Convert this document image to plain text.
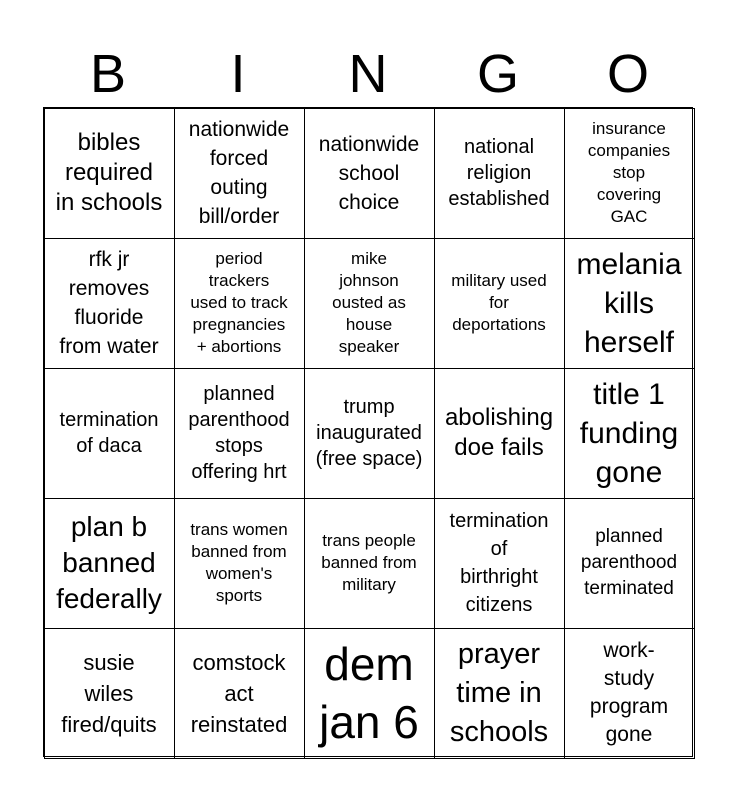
B	I	N	G	O
bibles
required
in schools
nationwide
forced
outing
bill/order
nationwide
school
choice
national
religion
established
insurance
companies
stop
covering
GAC
rfk jr
removes
fluoride
from water
period
trackers
used to track
pregnancies
+ abortions
mike
johnson
ousted as
house
speaker
military used
for
deportations
melania
kills
herself
termination
of daca
planned
parenthood
stops
offering hrt
trump
inaugurated
(free space)
abolishing
doe fails
title 1
funding
gone
plan b
banned
federally
trans women
banned from
women's
sports
trans people
banned from
military
termination
of
birthright
citizens
planned
parenthood
terminated
susie
wiles
fired/quits
comstock
act
reinstated
dem
jan 6
prayer
time in
schools
work-
study
program
gone
